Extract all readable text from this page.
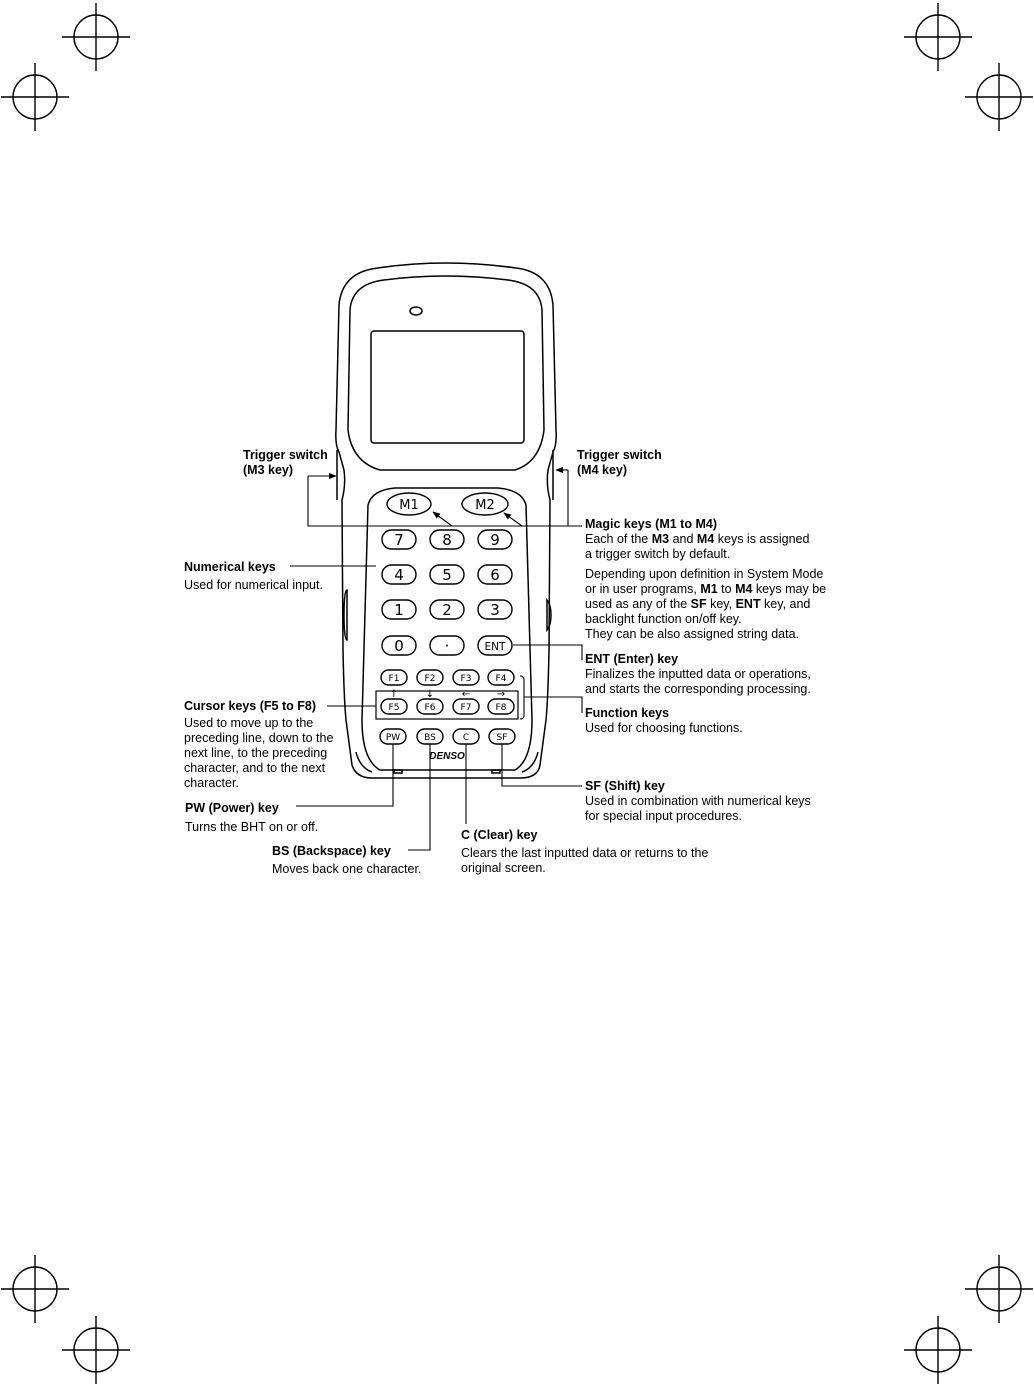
M1	M2
7	8	9
4	5	6
1	2	3
0	·	ENT
F1	F2	F3	F4
F5	F6	F7	F8
PW	BS	C	SF
↑	↓	←	→
DENSO
Trigger switch
(M3 key)
Trigger switch
(M4 key)
Magic keys (M1 to M4)
Each of the M3 and M4 keys is assigned
a trigger switch by default.
Depending upon definition in System Mode
or in user programs, M1 to M4 keys may be
used as any of the SF key, ENT key, and
backlight function on/off key.
They can be also assigned string data.
Numerical keys
Used for numerical input.
ENT (Enter) key
Finalizes the inputted data or operations,
and starts the corresponding processing.
Cursor keys (F5 to F8)
Used to move up to the
preceding line, down to the
next line, to the preceding
character, and to the next
character.
Function keys
Used for choosing functions.
SF (Shift) key
Used in combination with numerical keys
for special input procedures.
PW (Power) key
Turns the BHT on or off.
C (Clear) key
Clears the last inputted data or returns to the
original screen.
BS (Backspace) key
Moves back one character.
